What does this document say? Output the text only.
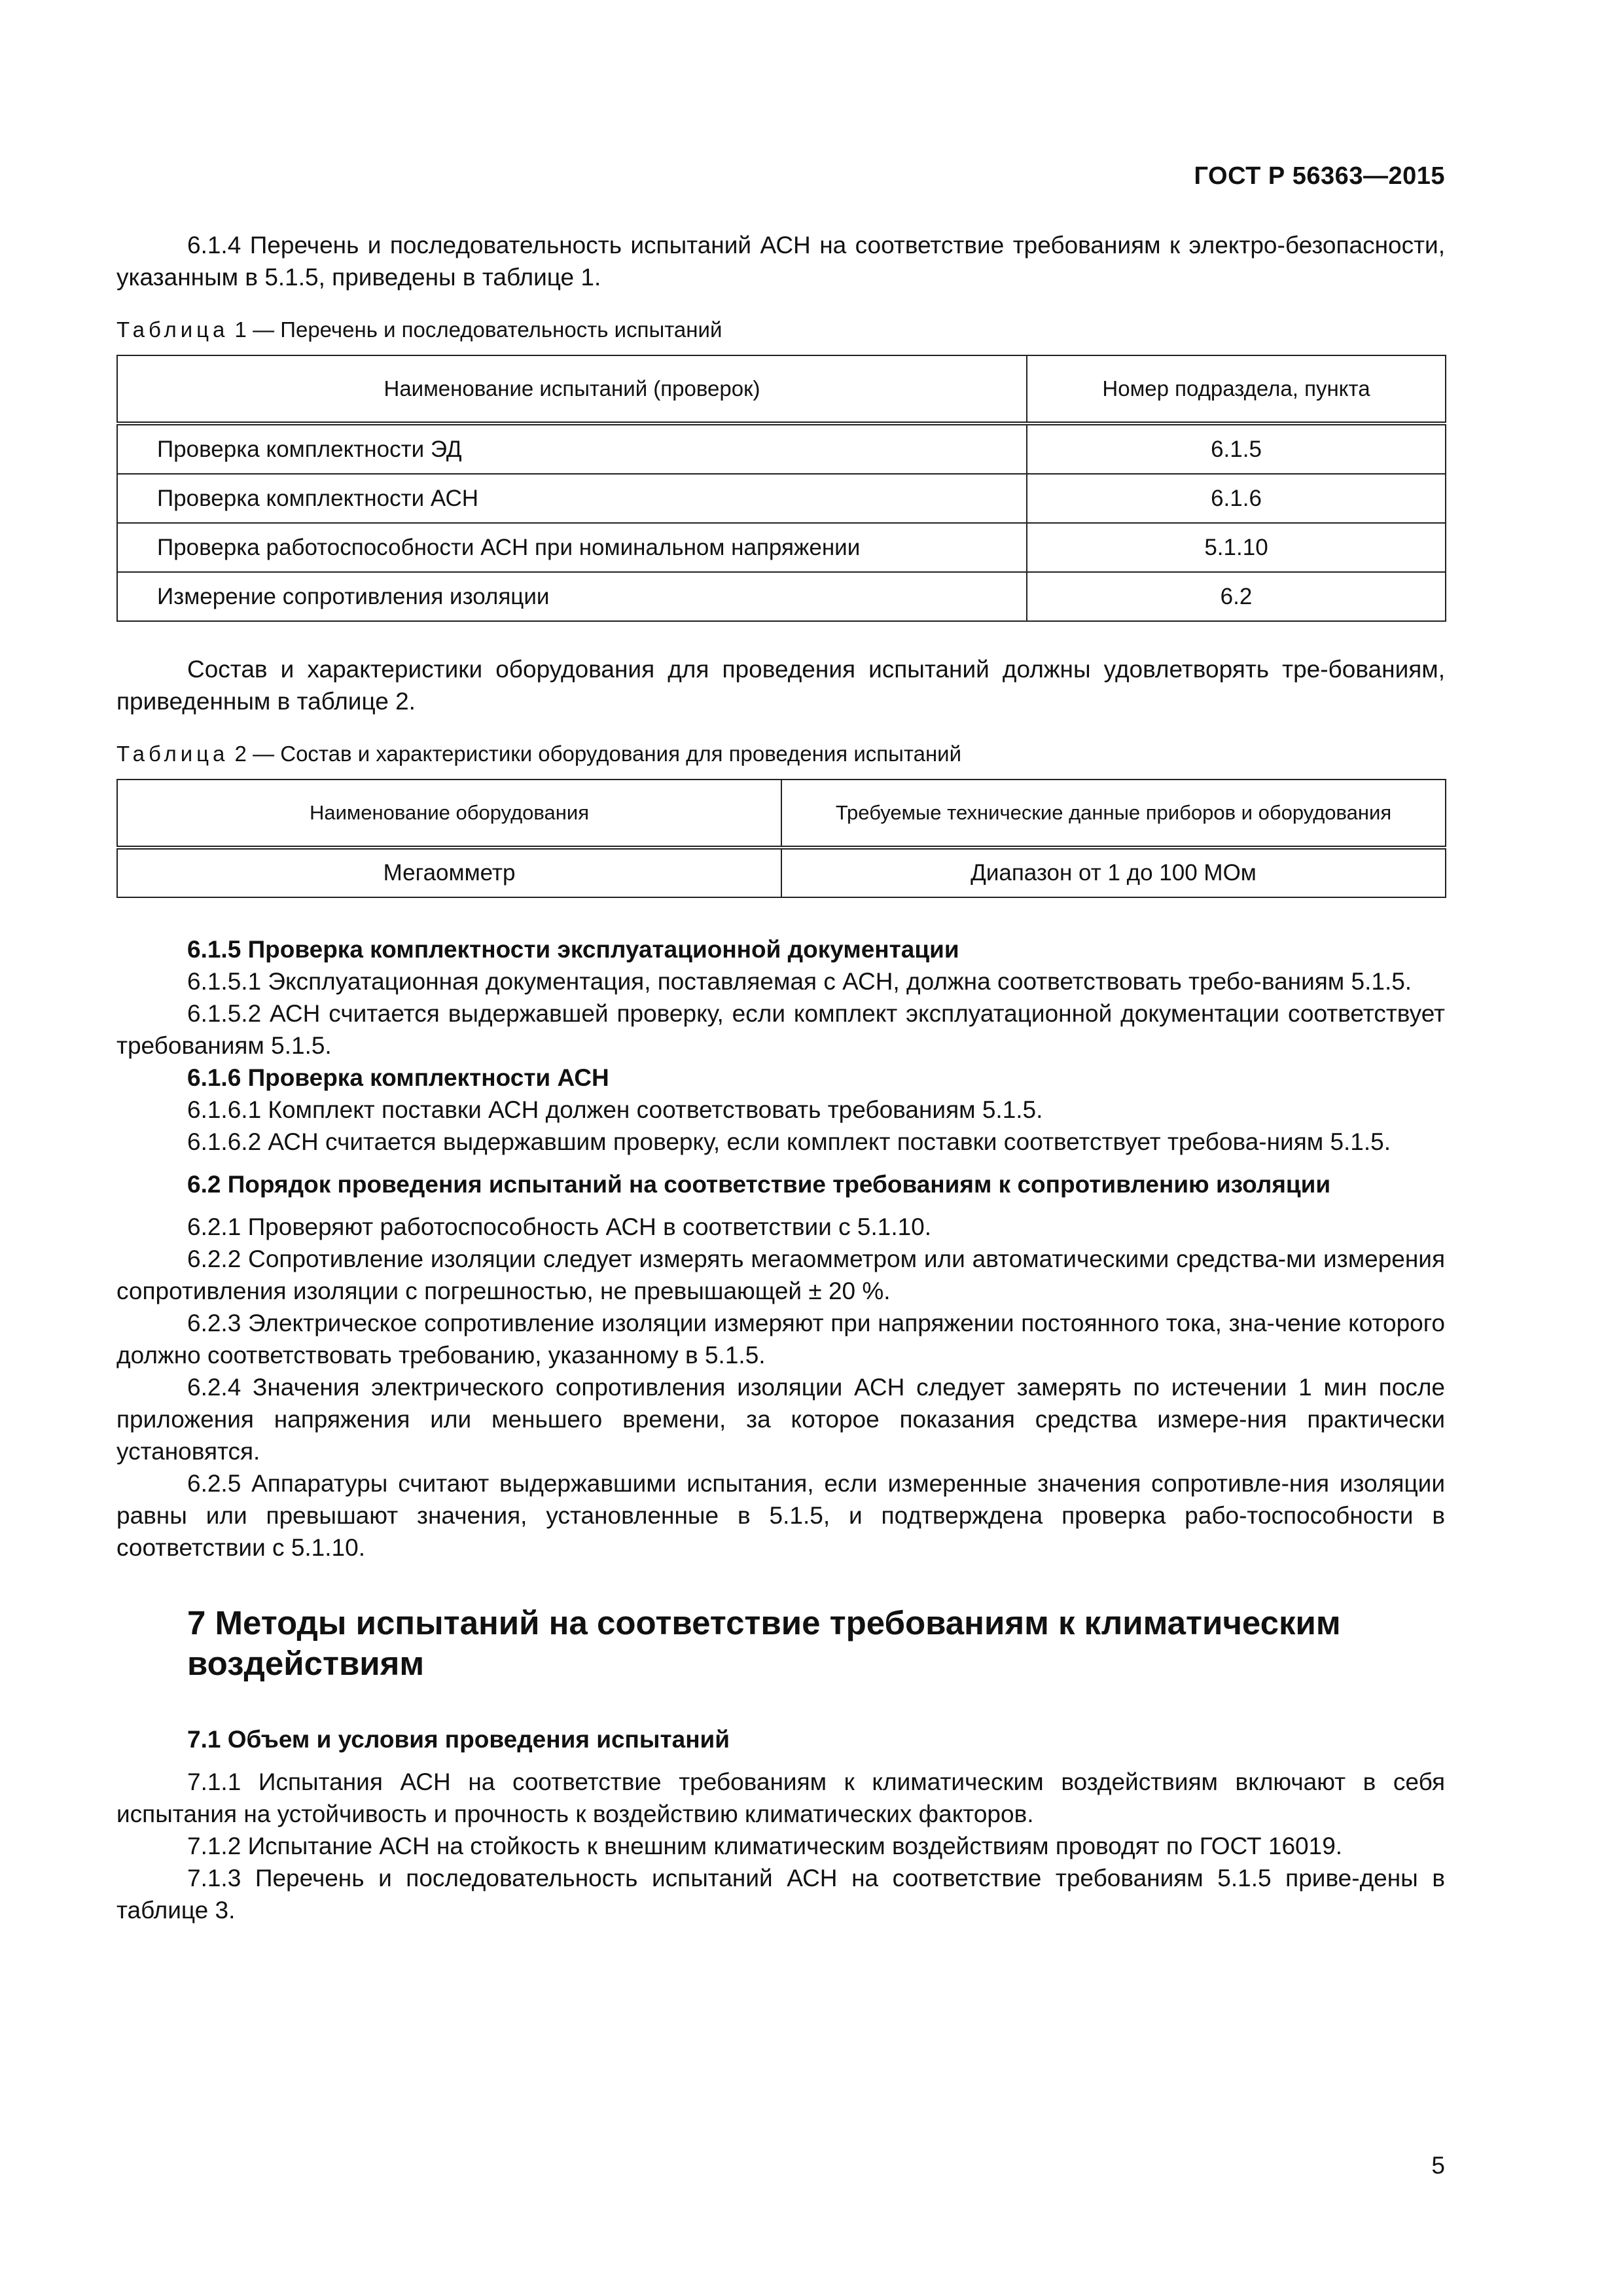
ГОСТ Р 56363—2015

6.1.4 Перечень и последовательность испытаний АСН на соответствие требованиям к электро-безопасности, указанным в 5.1.5, приведены в таблице 1.

Таблица 1 — Перечень и последовательность испытаний

Наименование испытаний (проверок)	Номер подраздела, пункта
Проверка комплектности ЭД	6.1.5
Проверка комплектности АСН	6.1.6
Проверка работоспособности АСН при номинальном напряжении	5.1.10
Измерение сопротивления изоляции	6.2

Состав и характеристики оборудования для проведения испытаний должны удовлетворять тре-бованиям, приведенным в таблице 2.

Таблица 2 — Состав и характеристики оборудования для проведения испытаний

Наименование оборудования	Требуемые технические данные приборов и оборудования
Мегаомметр	Диапазон от 1 до 100 МОм

6.1.5 Проверка комплектности эксплуатационной документации

6.1.5.1 Эксплуатационная документация, поставляемая с АСН, должна соответствовать требо-ваниям 5.1.5.

6.1.5.2 АСН считается выдержавшей проверку, если комплект эксплуатационной документации соответствует требованиям 5.1.5.

6.1.6 Проверка комплектности АСН

6.1.6.1 Комплект поставки АСН должен соответствовать требованиям 5.1.5.

6.1.6.2 АСН считается выдержавшим проверку, если комплект поставки соответствует требова-ниям 5.1.5.

6.2 Порядок проведения испытаний на соответствие требованиям к сопротивлению изоляции

6.2.1 Проверяют работоспособность АСН в соответствии с 5.1.10.

6.2.2 Сопротивление изоляции следует измерять мегаомметром или автоматическими средства-ми измерения сопротивления изоляции с погрешностью, не превышающей ± 20 %.

6.2.3 Электрическое сопротивление изоляции измеряют при напряжении постоянного тока, зна-чение которого должно соответствовать требованию, указанному в 5.1.5.

6.2.4 Значения электрического сопротивления изоляции АСН следует замерять по истечении 1 мин после приложения напряжения или меньшего времени, за которое показания средства измере-ния практически установятся.

6.2.5 Аппаратуры считают выдержавшими испытания, если измеренные значения сопротивле-ния изоляции равны или превышают значения, установленные в 5.1.5, и подтверждена проверка рабо-тоспособности в соответствии с 5.1.10.

7 Методы испытаний на соответствие требованиям к климатическим воздействиям

7.1 Объем и условия проведения испытаний

7.1.1 Испытания АСН на соответствие требованиям к климатическим воздействиям включают в себя испытания на устойчивость и прочность к воздействию климатических факторов.

7.1.2 Испытание АСН на стойкость к внешним климатическим воздействиям проводят по ГОСТ 16019.

7.1.3 Перечень и последовательность испытаний АСН на соответствие требованиям 5.1.5 приве-дены в таблице 3.

5
